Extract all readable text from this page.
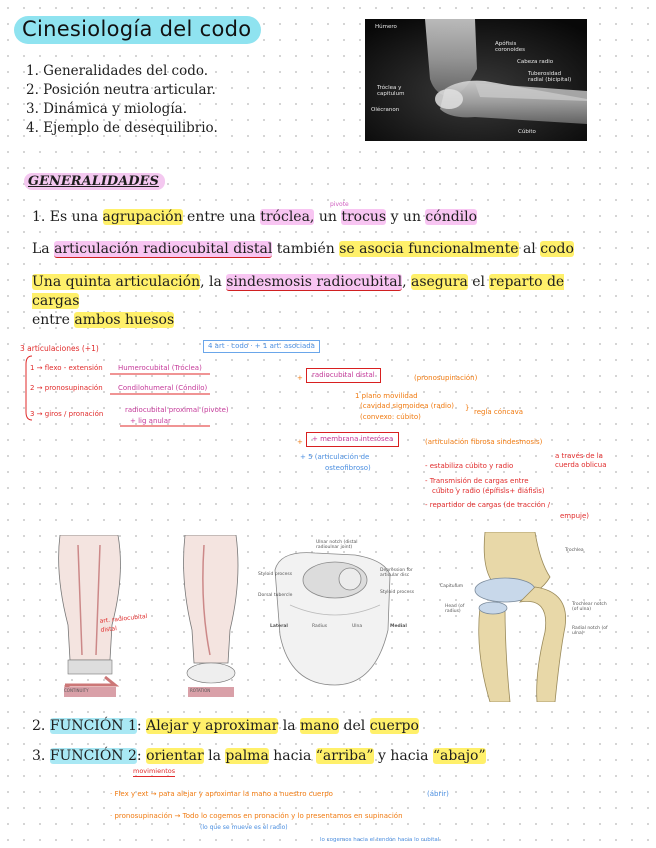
Cinesiología del codo
1. Generalidades del codo.
2. Posición neutra articular.
3. Dinámica y miología.
4. Ejemplo de desequilibrio.
Húmero
Apófisis coronoides
Cabeza radio
Tuberosidad radial (bicipital)
Tróclea y capitulum
Olécranon
Cúbito
GENERALIDADES
1. Es una agrupación entre una tróclea, un trocus y un cóndilo
pivote
La articulación radiocubital distal también se asocia funcionalmente al codo
Una quinta articulación, la sindesmosis radiocubital, asegura el reparto de cargas
entre ambos huesos
3 articulaciones (+1)
1 → flexo - extensión Humerocubital (Tróclea)
2 → pronosupinación Condilohumeral (Cóndilo)
3 → giros / pronación	radiocubital proximal (pivote)
+ lig anular
4 art · codo · + 1 art. asociada
+	radiocubital distal	(pronosupinación)
1 plano movilidad
(cavidad sigmoidea (radio)
(convexo: cúbito)
} regla cóncava
+	+ membrana interósea	(articulación fibrosa sindesmosis)
+ 5 (articulación de
osteofibroso)	- estabiliza cúbito y radio
a través de la cuerda oblicua
- Transmisión de cargas entre
cúbito y radio (epífisis+ diáfisis)
- repartidor de cargas (de tracción /
empuje)
art. radiocubital distal
Ulnar notch (distal radioulnar joint)
Styloid process
Dorsal tubercle
Depression for articular disc
Styloid process
Lateral	Medial
Radius	Ulna
Trochlea
Capitulum
Head (of radius)
Trochlear notch (of ulna)
Radial notch (of ulna)
CONTINUITY	ROTATION
2. FUNCIÓN 1: Alejar y aproximar la mano del cuerpo
3. FUNCIÓN 2: orientar la palma hacia “arriba” y hacia “abajo”
movimientos
· Flex y ext → para alejar y aproximar la mano a nuestro cuerpo	(ábrir)
· pronosupinación → Todo lo cogemos en pronación y lo presentamos en supinación
(lo que se mueve es el radio)
lo cogemos hacia el tendón hacia lo cubital
